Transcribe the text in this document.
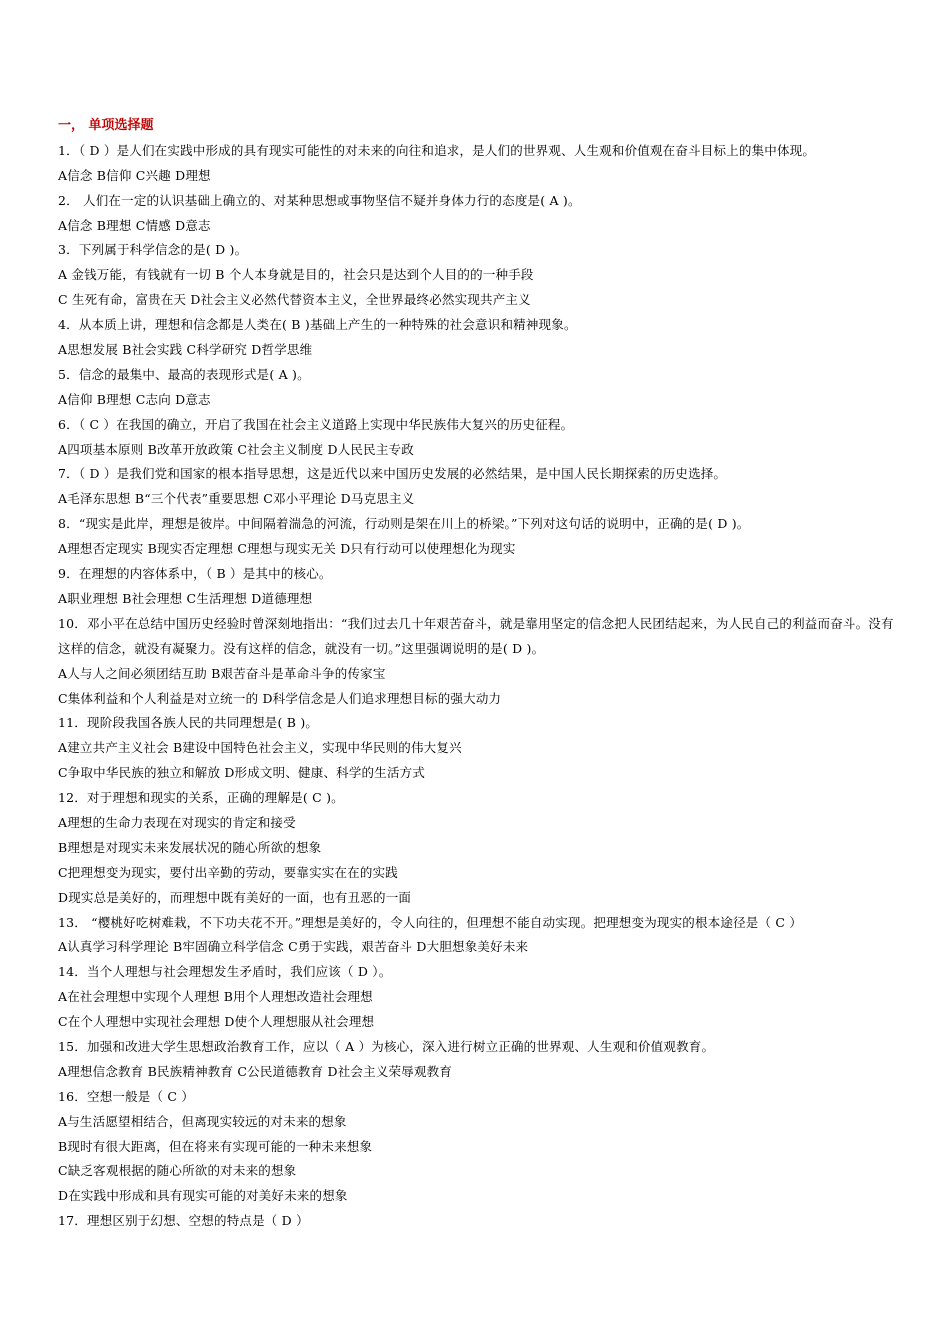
一， 单项选择题
1．（ D ）是人们在实践中形成的具有现实可能性的对未来的向往和追求，是人们的世界观、人生观和价值观在奋斗目标上的集中体现。
A信念 B信仰 C兴趣 D理想
2． 人们在一定的认识基础上确立的、对某种思想或事物坚信不疑并身体力行的态度是( A )。
A信念 B理想 C情感 D意志
3．下列属于科学信念的是( D )。
A 金钱万能，有钱就有一切 B 个人本身就是目的，社会只是达到个人目的的一种手段
C 生死有命，富贵在天 D社会主义必然代替资本主义，全世界最终必然实现共产主义
4．从本质上讲，理想和信念都是人类在( B )基础上产生的一种特殊的社会意识和精神现象。
A思想发展 B社会实践 C科学研究 D哲学思维
5．信念的最集中、最高的表现形式是( A )。
A信仰 B理想 C志向 D意志
6．（ C ）在我国的确立，开启了我国在社会主义道路上实现中华民族伟大复兴的历史征程。
A四项基本原则 B改革开放政策 C社会主义制度 D人民民主专政
7．（ D ）是我们党和国家的根本指导思想，这是近代以来中国历史发展的必然结果，是中国人民长期探索的历史选择。
A毛泽东思想 B“三个代表”重要思想 C邓小平理论 D马克思主义
8．“现实是此岸，理想是彼岸。中间隔着湍急的河流，行动则是架在川上的桥梁。”下列对这句话的说明中，正确的是( D )。
A理想否定现实 B现实否定理想 C理想与现实无关 D只有行动可以使理想化为现实
9．在理想的内容体系中，（ B ）是其中的核心。
A职业理想 B社会理想 C生活理想 D道德理想
10．邓小平在总结中国历史经验时曾深刻地指出：“我们过去几十年艰苦奋斗，就是靠用坚定的信念把人民团结起来，为人民自己的利益而奋斗。没有这样的信念，就没有凝聚力。没有这样的信念，就没有一切。”这里强调说明的是( D )。
A人与人之间必须团结互助 B艰苦奋斗是革命斗争的传家宝
C集体利益和个人利益是对立统一的 D科学信念是人们追求理想目标的强大动力
11．现阶段我国各族人民的共同理想是( B )。
A建立共产主义社会 B建设中国特色社会主义，实现中华民则的伟大复兴
C争取中华民族的独立和解放 D形成文明、健康、科学的生活方式
12．对于理想和现实的关系，正确的理解是( C )。
A理想的生命力表现在对现实的肯定和接受
B理想是对现实未来发展状况的随心所欲的想象
C把理想变为现实，要付出辛勤的劳动，要靠实实在在的实践
D现实总是美好的，而理想中既有美好的一面，也有丑恶的一面
13． “樱桃好吃树难栽，不下功夫花不开。”理想是美好的，令人向往的，但理想不能自动实现。把理想变为现实的根本途径是（ C ）
A认真学习科学理论 B牢固确立科学信念 C勇于实践，艰苦奋斗 D大胆想象美好未来
14．当个人理想与社会理想发生矛盾时，我们应该（ D ）。
A在社会理想中实现个人理想 B用个人理想改造社会理想
C在个人理想中实现社会理想 D使个人理想服从社会理想
15．加强和改进大学生思想政治教育工作，应以（ A ）为核心，深入进行树立正确的世界观、人生观和价值观教育。
A理想信念教育 B民族精神教育 C公民道德教育 D社会主义荣辱观教育
16．空想一般是（ C ）
A与生活愿望相结合，但离现实较远的对未来的想象
B现时有很大距离，但在将来有实现可能的一种未来想象
C缺乏客观根据的随心所欲的对未来的想象
D在实践中形成和具有现实可能的对美好未来的想象
17．理想区别于幻想、空想的特点是（ D ）
